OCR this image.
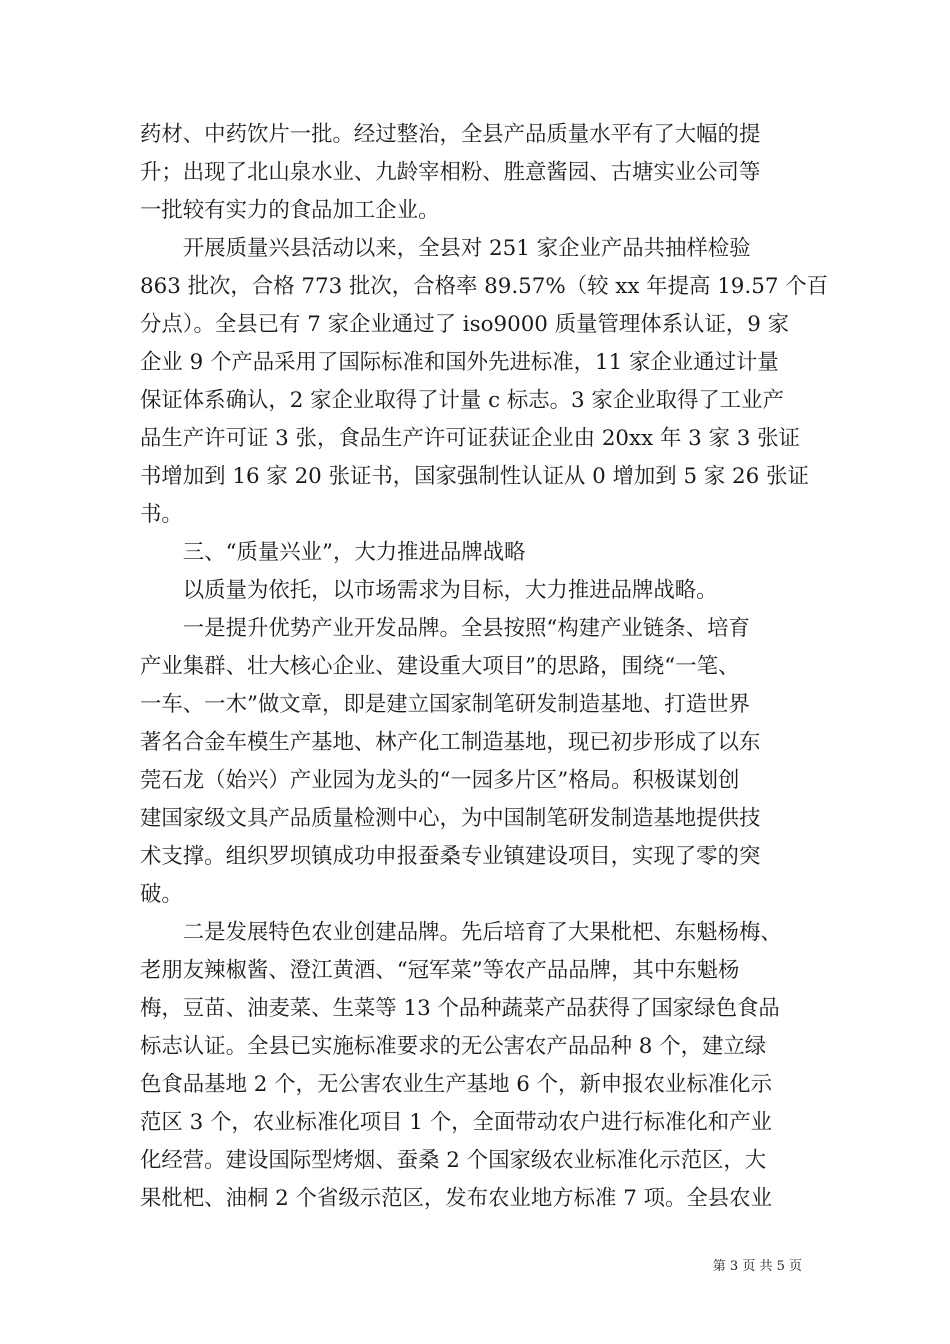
药材、中药饮片一批。经过整治，全县产品质量水平有了大幅的提
升；出现了北山泉水业、九龄宰相粉、胜意酱园、古塘实业公司等
一批较有实力的食品加工企业。
　　开展质量兴县活动以来，全县对 251 家企业产品共抽样检验
863 批次，合格 773 批次，合格率 89.57%（较 xx 年提高 19.57 个百
分点）。全县已有 7 家企业通过了 iso9000 质量管理体系认证，9 家
企业 9 个产品采用了国际标准和国外先进标准，11 家企业通过计量
保证体系确认，2 家企业取得了计量 c 标志。3 家企业取得了工业产
品生产许可证 3 张，食品生产许可证获证企业由 20xx 年 3 家 3 张证
书增加到 16 家 20 张证书，国家强制性认证从 0 增加到 5 家 26 张证
书。
　　三、“质量兴业”，大力推进品牌战略
　　以质量为依托，以市场需求为目标，大力推进品牌战略。
　　一是提升优势产业开发品牌。全县按照“构建产业链条、培育
产业集群、壮大核心企业、建设重大项目”的思路，围绕“一笔、
一车、一木”做文章，即是建立国家制笔研发制造基地、打造世界
著名合金车模生产基地、林产化工制造基地，现已初步形成了以东
莞石龙（始兴）产业园为龙头的“一园多片区”格局。积极谋划创
建国家级文具产品质量检测中心，为中国制笔研发制造基地提供技
术支撑。组织罗坝镇成功申报蚕桑专业镇建设项目，实现了零的突
破。
　　二是发展特色农业创建品牌。先后培育了大果枇杷、东魁杨梅、
老朋友辣椒酱、澄江黄酒、“冠军菜”等农产品品牌，其中东魁杨
梅，豆苗、油麦菜、生菜等 13 个品种蔬菜产品获得了国家绿色食品
标志认证。全县已实施标准要求的无公害农产品品种 8 个，建立绿
色食品基地 2 个，无公害农业生产基地 6 个，新申报农业标准化示
范区 3 个，农业标准化项目 1 个，全面带动农户进行标准化和产业
化经营。建设国际型烤烟、蚕桑 2 个国家级农业标准化示范区，大
果枇杷、油桐 2 个省级示范区，发布农业地方标准 7 项。全县农业
第 3 页 共 5 页
